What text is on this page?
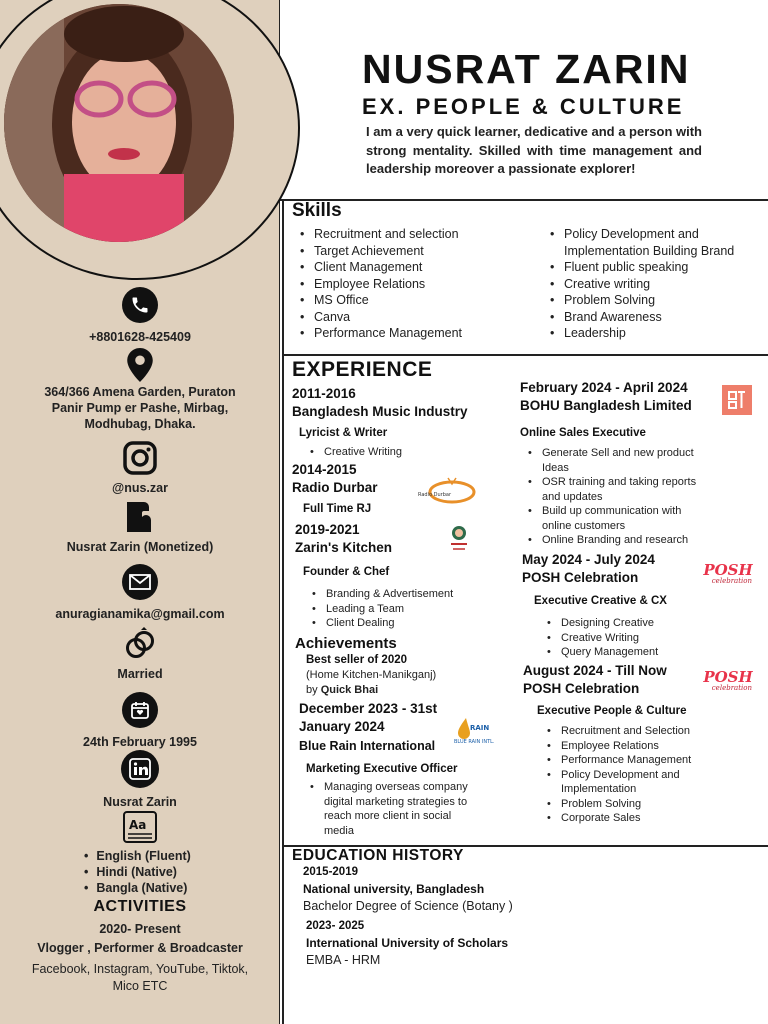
+8801628-425409
364/366 Amena Garden, Puraton
Panir Pump er Pashe, Mirbag,
Modhubag, Dhaka.
@nus.zar
Nusrat Zarin (Monetized)
anuragianamika@gmail.com
Married
24th February 1995
Nusrat Zarin
Aa
• English (Fluent)
• Hindi (Native)
• Bangla (Native)
ACTIVITIES
2020- Present
Vlogger , Performer & Broadcaster
Facebook, Instagram, YouTube, Tiktok,
Mico ETC
NUSRAT ZARIN
EX. PEOPLE & CULTURE
I am a very quick learner, dedicative and a person with strong mentality. Skilled with time management and leadership moreover a passionate explorer!
Skills
• Recruitment and selection
• Target Achievement
• Client Management
• Employee Relations
• MS Office
• Canva
• Performance Management
• Policy Development and
Implementation Building Brand
• Fluent public speaking
• Creative writing
• Problem Solving
• Brand Awareness
• Leadership
EXPERIENCE
2011-2016
Bangladesh Music Industry
Lyricist & Writer
• Creative Writing
2014-2015
Radio Durbar	Radio Durbar
Full Time RJ
2019-2021
Zarin's Kitchen
Founder & Chef
• Branding & Advertisement
• Leading a Team
• Client Dealing
Achievements
Best seller of 2020
(Home Kitchen-Manikganj)
by Quick Bhai
December 2023 - 31st
January 2024
Blue Rain International
RAIN
BLUE RAIN INTL.
Marketing Executive Officer
• Managing overseas company
digital marketing strategies to
reach more client in social
media
February 2024 - April 2024
BOHU Bangladesh Limited
Online Sales Executive
• Generate Sell and new product
Ideas
• OSR training and taking reports
and updates
• Build up communication with
online customers
• Online Branding and research
May 2024 - July 2024
POSH Celebration	POSH
celebration
Executive Creative & CX
• Designing Creative
• Creative Writing
• Query Management
August 2024 - Till Now
POSH Celebration
POSH
celebration
Executive People & Culture
• Recruitment and Selection
• Employee Relations
• Performance Management
• Policy Development and
Implementation
• Problem Solving
• Corporate Sales
EDUCATION HISTORY
2015-2019
National university, Bangladesh
Bachelor Degree of Science (Botany )
2023- 2025
International University of Scholars
EMBA - HRM
